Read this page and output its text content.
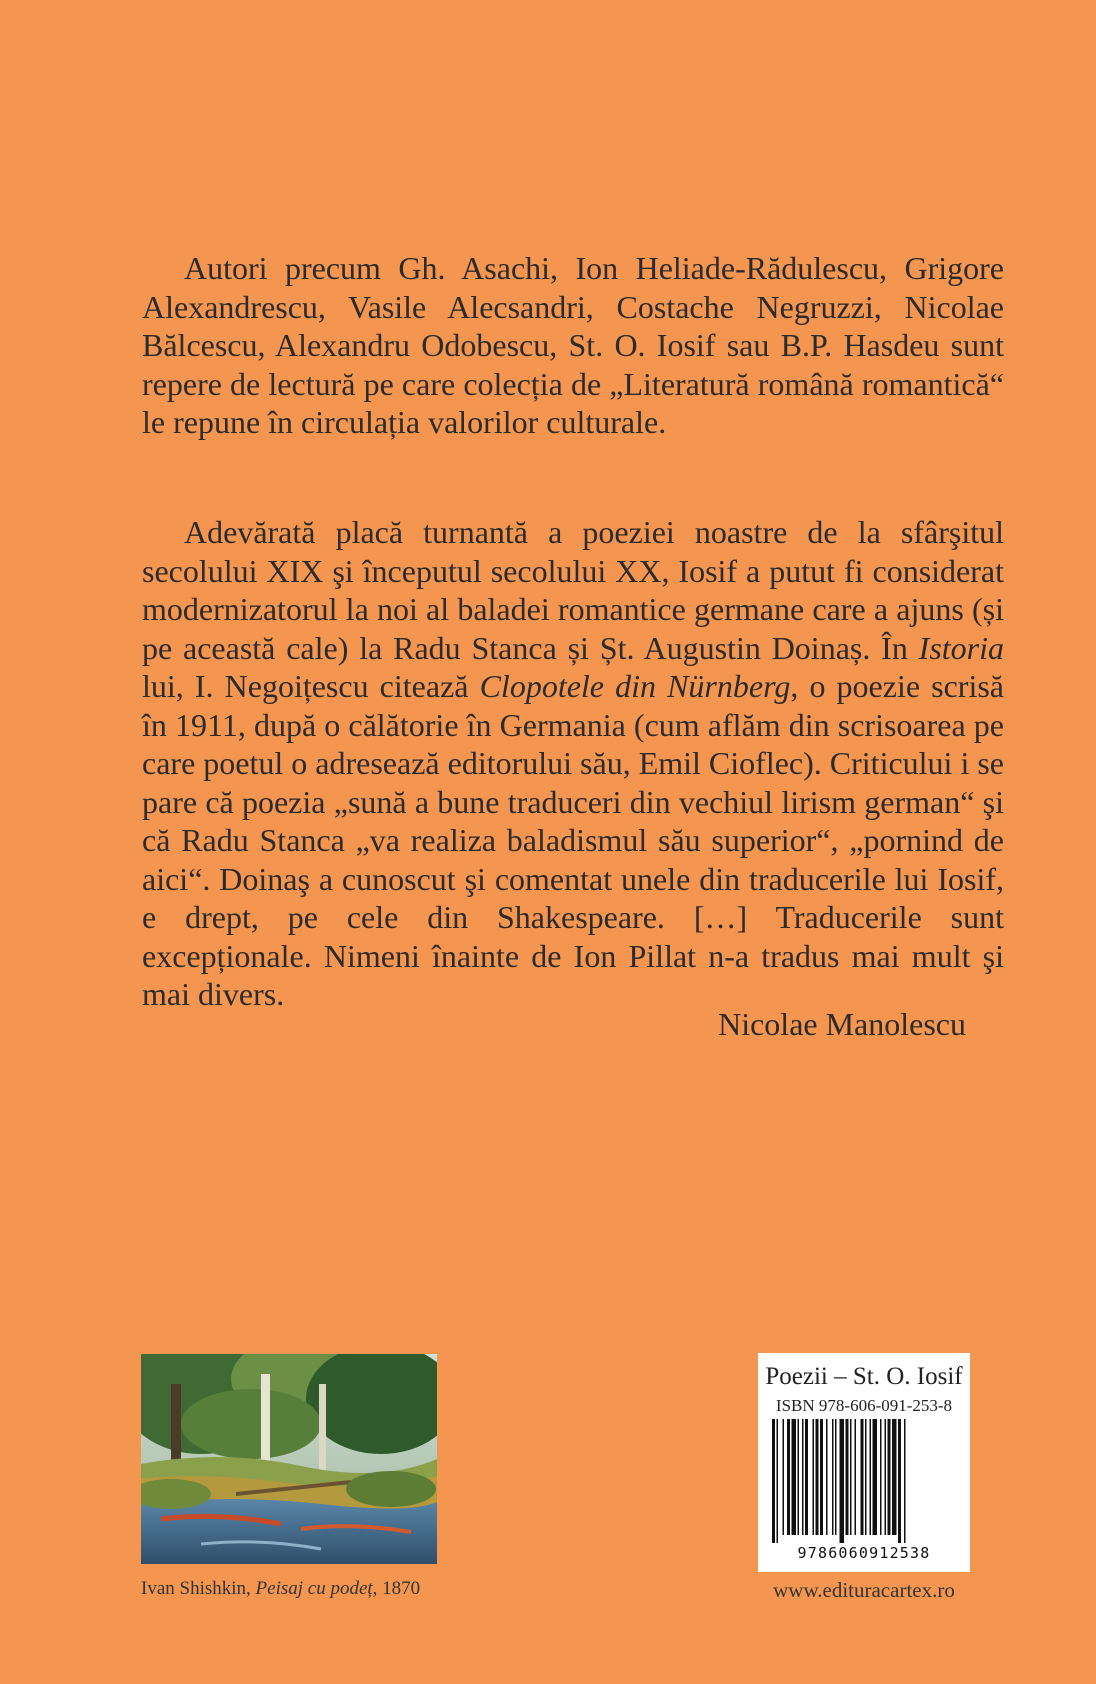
Autori precum Gh. Asachi, Ion Heliade-Rădulescu, Grigore Alexandrescu, Vasile Alecsandri, Costache Negruzzi, Nicolae Bălcescu, Alexandru Odobescu, St. O. Iosif sau B.P. Hasdeu sunt repere de lectură pe care colecția de „Literatură română romantică“ le repune în circulația valorilor culturale.

Adevărată placă turnantă a poeziei noastre de la sfârşitul secolului XIX şi începutul secolului XX, Iosif a putut fi considerat modernizatorul la noi al baladei romantice germane care a ajuns (și pe această cale) la Radu Stanca și Șt. Augustin Doinaș. În Istoria lui, I. Negoițescu citează Clopotele din Nürnberg, o poezie scrisă în 1911, după o călătorie în Germania (cum aflăm din scrisoarea pe care poetul o adresează editorului său, Emil Cioflec). Criticului i se pare că poezia „sună a bune traduceri din vechiul lirism german“ şi că Radu Stanca „va realiza baladismul său superior“, „pornind de aici“. Doinaş a cunoscut şi comentat unele din traducerile lui Iosif, e drept, pe cele din Shakespeare. […] Traducerile sunt excepționale. Nimeni înainte de Ion Pillat n-a tradus mai mult şi mai divers.

Nicolae Manolescu

Ivan Shishkin, Peisaj cu podeț, 1870
Poezii – St. O. Iosif
ISBN 978-606-091-253-8
9786060912538
www.edituracartex.ro
